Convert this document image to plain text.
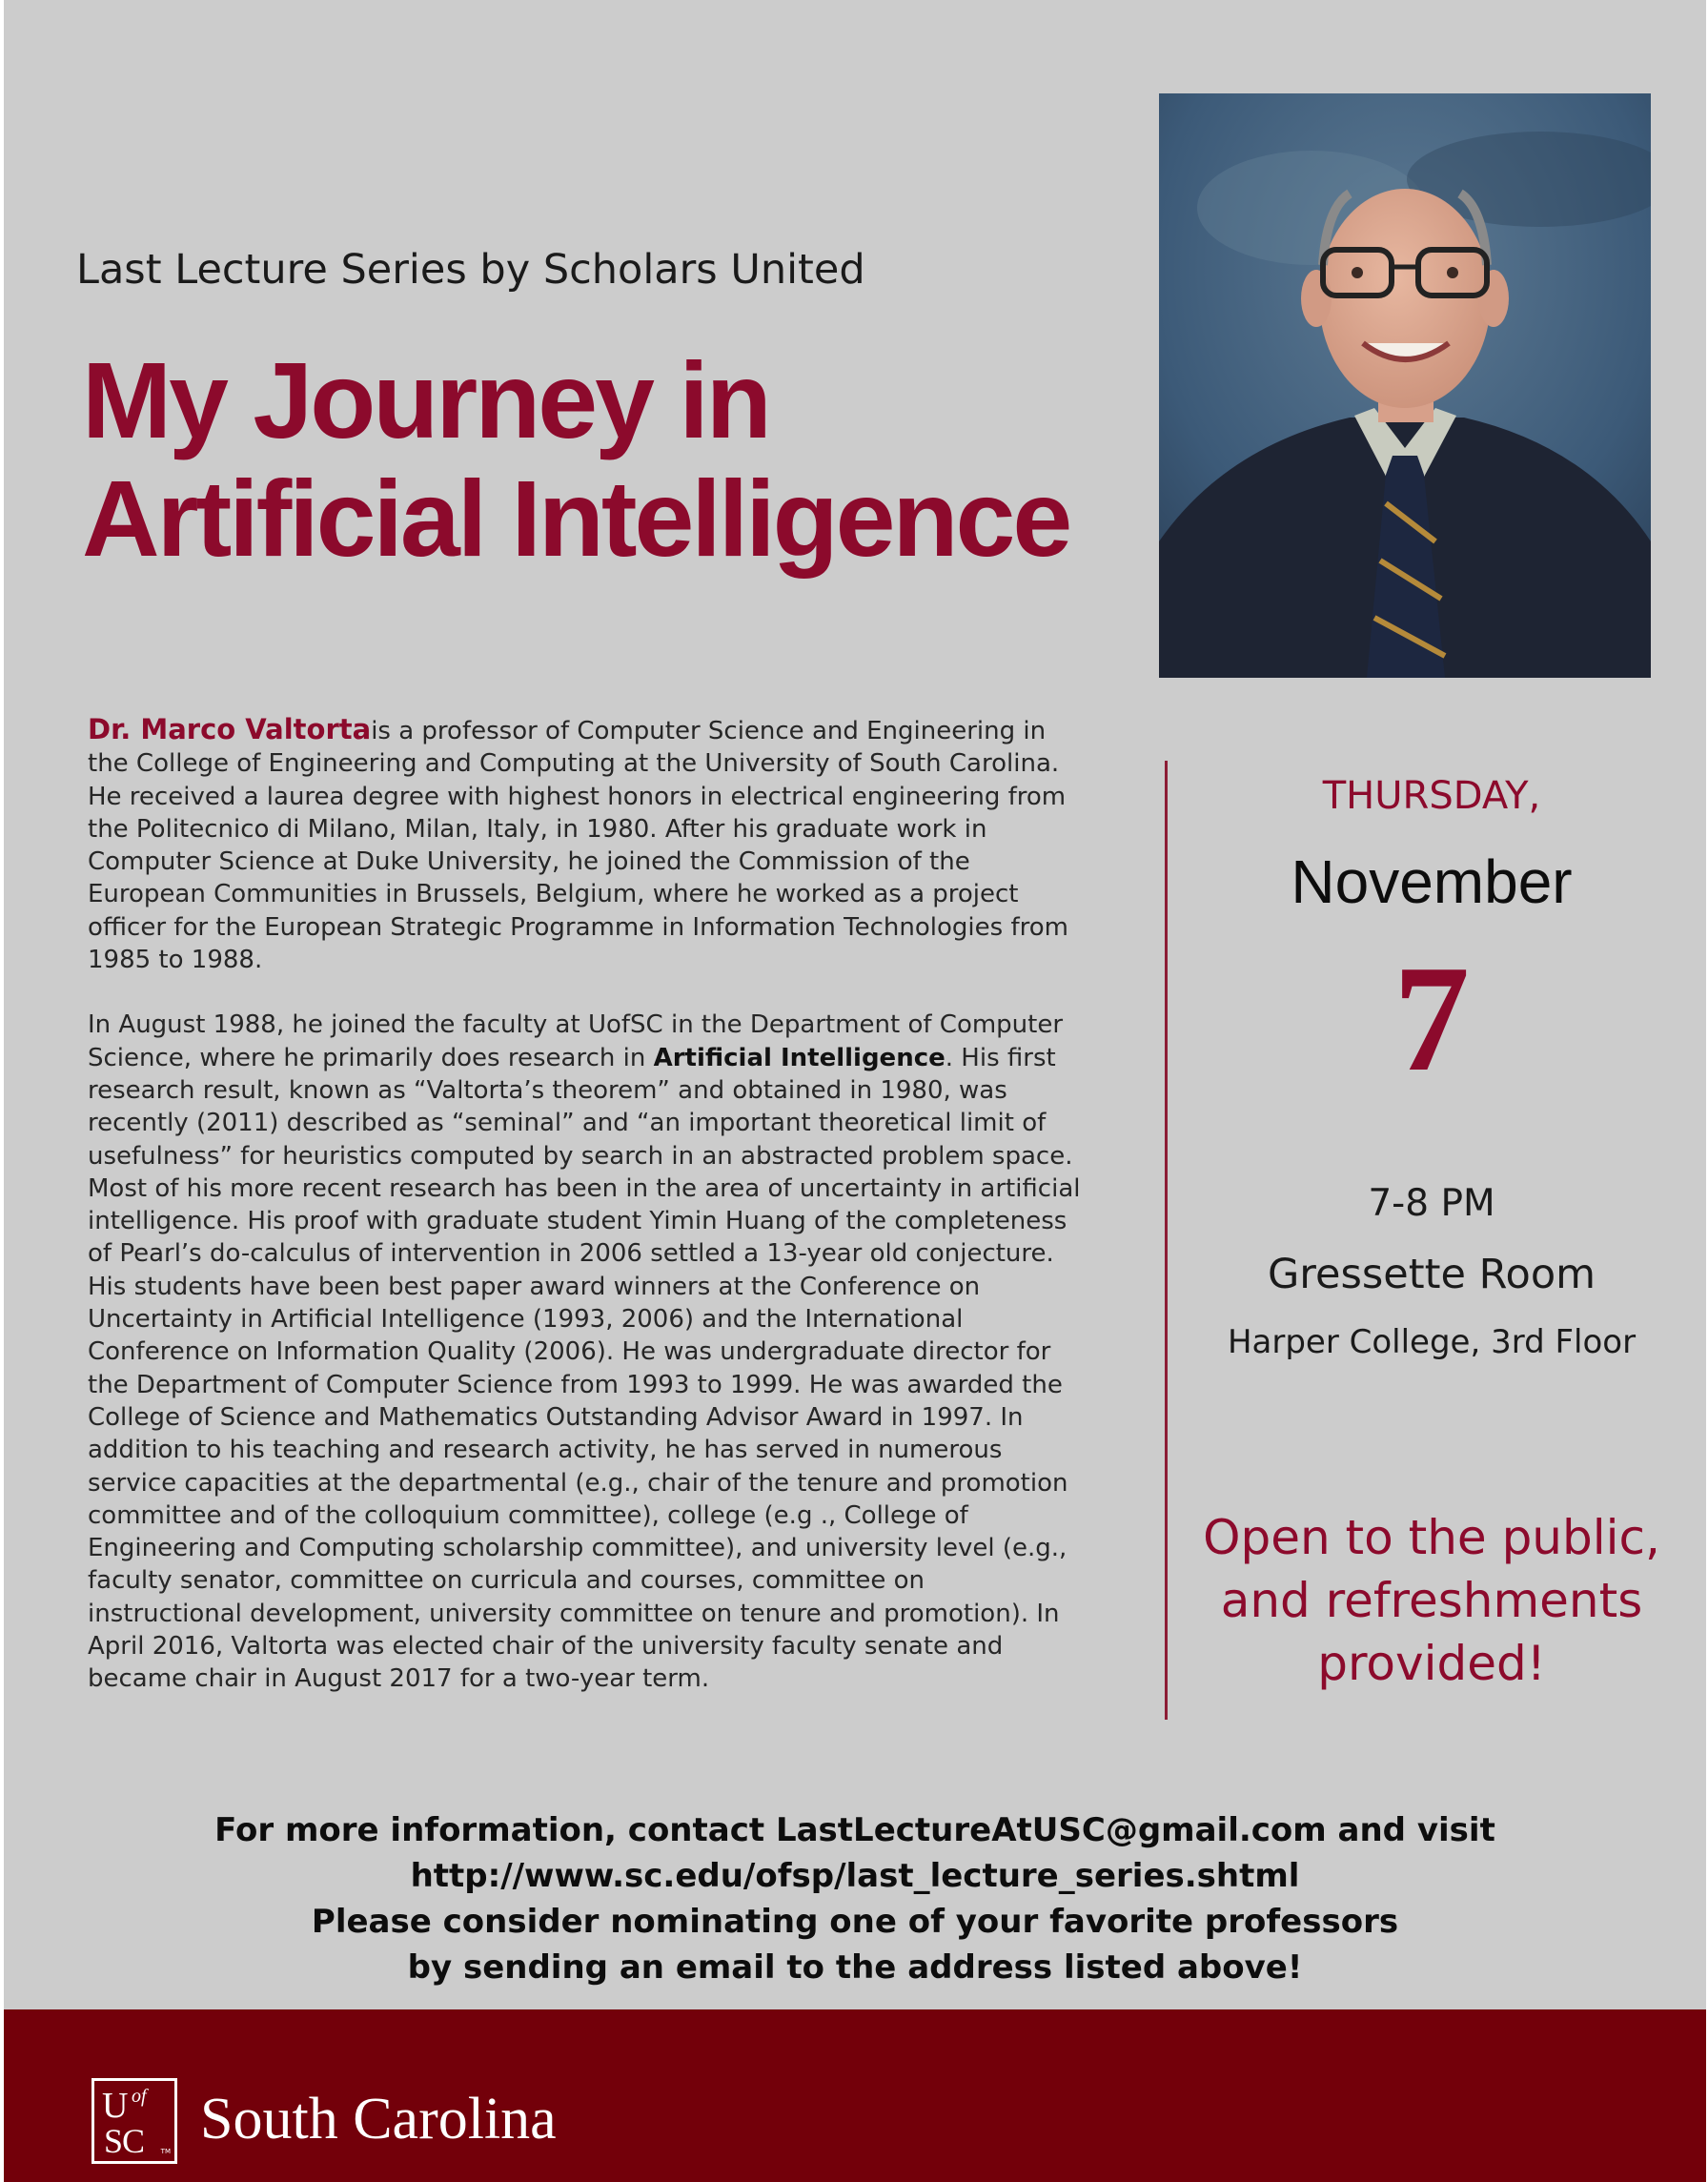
Last Lecture Series by Scholars United
My Journey in
Artificial Intelligence

Dr. Marco Valtortais a professor of Computer Science and Engineering in the College of Engineering and Computing at the University of South Carolina. He received a laurea degree with highest honors in electrical engineering from the Politecnico di Milano, Milan, Italy, in 1980. After his graduate work in Computer Science at Duke University, he joined the Commission of the European Communities in Brussels, Belgium, where he worked as a project officer for the European Strategic Programme in Information Technologies from 1985 to 1988.

In August 1988, he joined the faculty at UofSC in the Department of Computer Science, where he primarily does research in Artificial Intelligence. His first research result, known as “Valtorta’s theorem” and obtained in 1980, was recently (2011) described as “seminal” and “an important theoretical limit of usefulness” for heuristics computed by search in an abstracted problem space. Most of his more recent research has been in the area of uncertainty in artificial intelligence. His proof with graduate student Yimin Huang of the completeness of Pearl’s do-calculus of intervention in 2006 settled a 13-year old conjecture. His students have been best paper award winners at the Conference on Uncertainty in Artificial Intelligence (1993, 2006) and the International Conference on Information Quality (2006). He was undergraduate director for the Department of Computer Science from 1993 to 1999. He was awarded the College of Science and Mathematics Outstanding Advisor Award in 1997. In addition to his teaching and research activity, he has served in numerous service capacities at the departmental (e.g., chair of the tenure and promotion committee and of the colloquium committee), college (e.g ., College of Engineering and Computing scholarship committee), and university level (e.g., faculty senator, committee on curricula and courses, committee on instructional development, university committee on tenure and promotion). In April 2016, Valtorta was elected chair of the university faculty senate and became chair in August 2017 for a two-year term.

THURSDAY,
November
7
7-8 PM
Gressette Room
Harper College, 3rd Floor
Open to the public, and refreshments provided!
For more information, contact LastLectureAtUSC@gmail.com and visit
http://www.sc.edu/ofsp/last_lecture_series.shtml
Please consider nominating one of your favorite professors
by sending an email to the address listed above!
U of
SC	TM South Carolina
